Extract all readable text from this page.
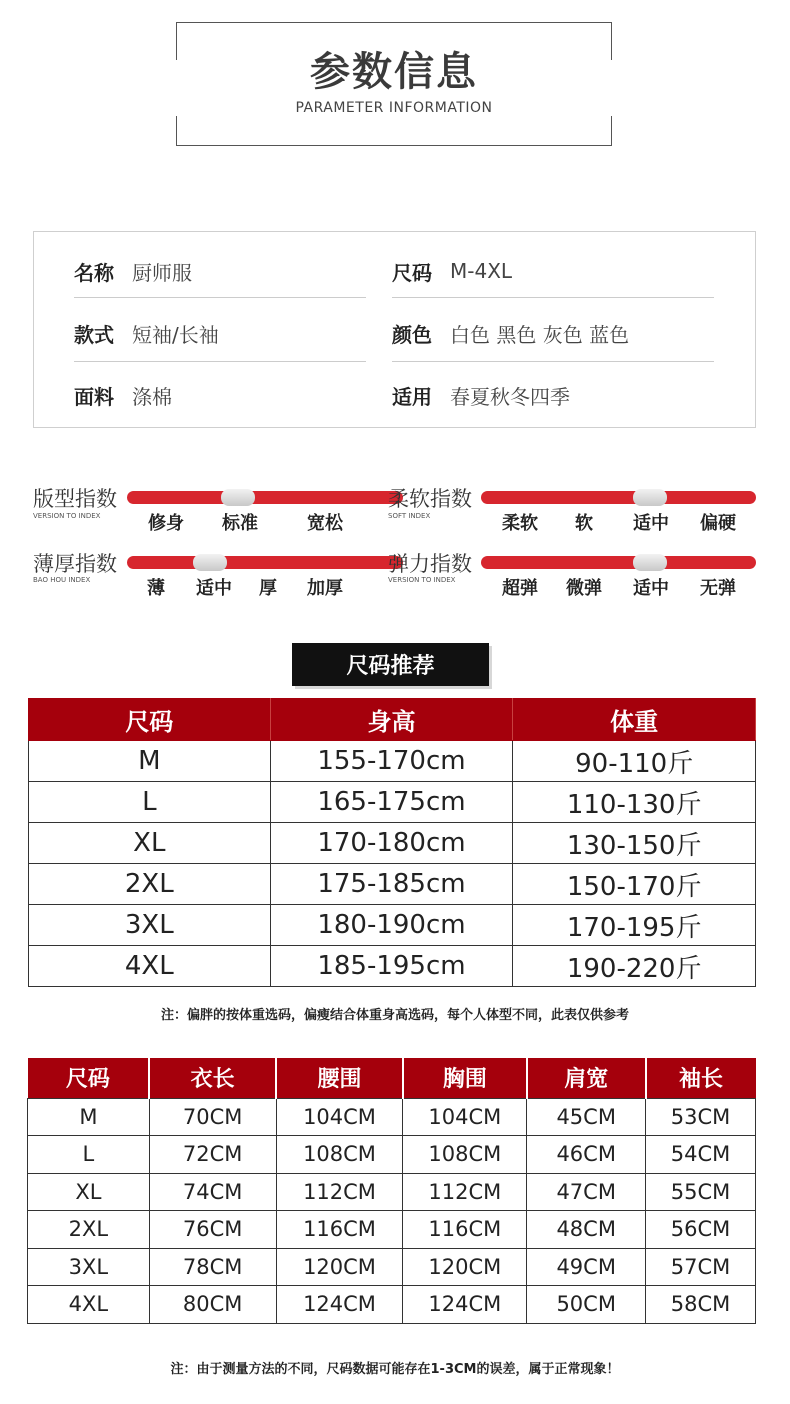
参数信息
PARAMETER INFORMATION
名称 厨师服	尺码 M-4XL
款式 短袖/长袖	颜色 白色 黑色 灰色 蓝色
面料 涤棉	适用 春夏秋冬四季
版型指数
VERSION TO INDEX	修身 标准	宽松
柔软指数
SOFT INDEX	柔软 软 适中 偏硬
薄厚指数
BAO HOU INDEX	薄 适中 厚 加厚
弹力指数
VERSION TO INDEX	超弹 微弹 适中 无弹
尺码推荐
尺码	身高	体重
M	155-170cm	90-110斤
L	165-175cm	110-130斤
XL	170-180cm	130-150斤
2XL	175-185cm	150-170斤
3XL	180-190cm	170-195斤
4XL	185-195cm	190-220斤
注：偏胖的按体重选码，偏瘦结合体重身高选码，每个人体型不同，此表仅供参考
尺码	衣长	腰围	胸围	肩宽	袖长
M	70CM	104CM	104CM	45CM	53CM
L	72CM	108CM	108CM	46CM	54CM
XL	74CM	112CM	112CM	47CM	55CM
2XL	76CM	116CM	116CM	48CM	56CM
3XL	78CM	120CM	120CM	49CM	57CM
4XL	80CM	124CM	124CM	50CM	58CM
注：由于测量方法的不同，尺码数据可能存在1-3CM的误差，属于正常现象！
